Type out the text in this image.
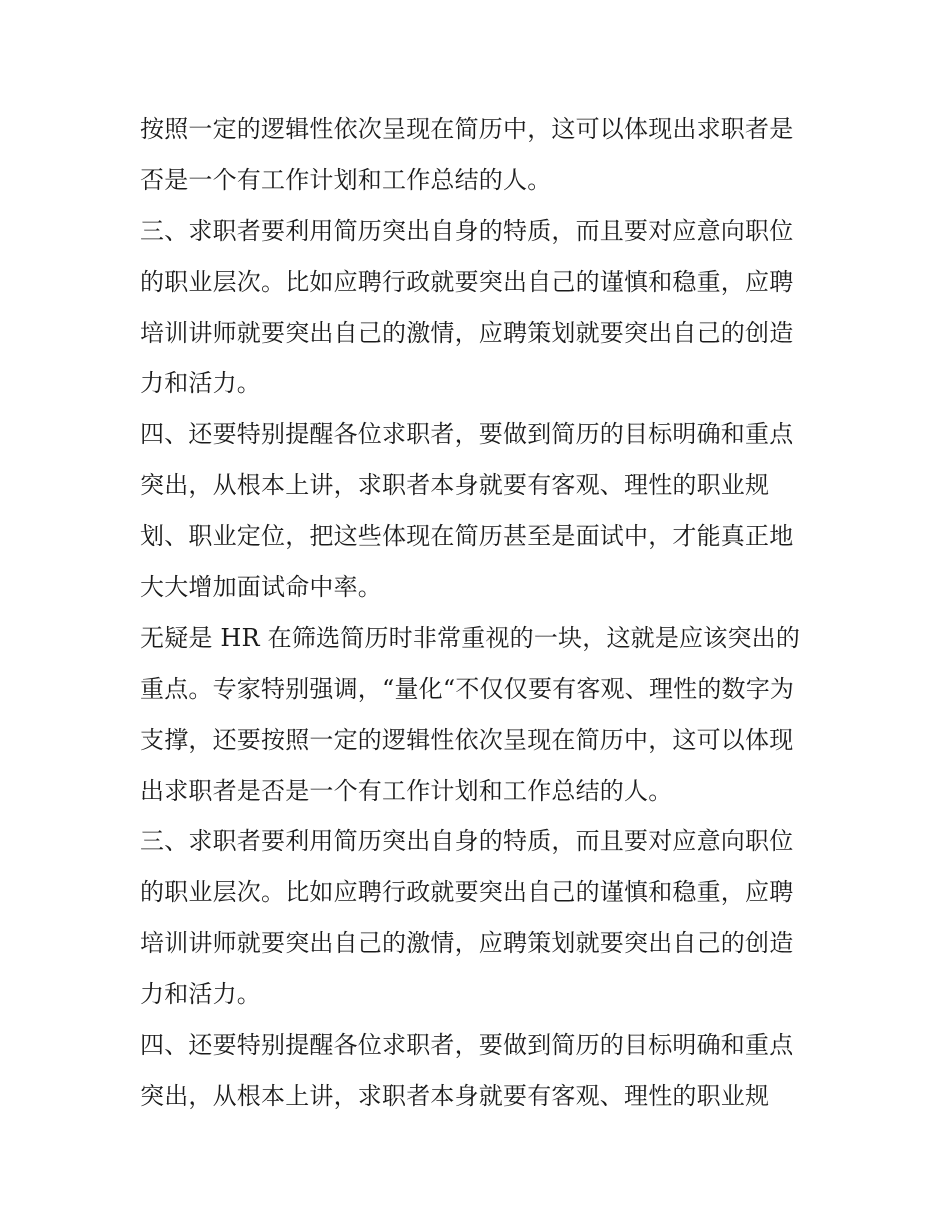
按照一定的逻辑性依次呈现在简历中，这可以体现出求职者是
否是一个有工作计划和工作总结的人。
三、求职者要利用简历突出自身的特质，而且要对应意向职位
的职业层次。比如应聘行政就要突出自己的谨慎和稳重，应聘
培训讲师就要突出自己的激情，应聘策划就要突出自己的创造
力和活力。
四、还要特别提醒各位求职者，要做到简历的目标明确和重点
突出，从根本上讲，求职者本身就要有客观、理性的职业规
划、职业定位，把这些体现在简历甚至是面试中，才能真正地
大大增加面试命中率。
无疑是 HR 在筛选简历时非常重视的一块，这就是应该突出的
重点。专家特别强调，“量化“不仅仅要有客观、理性的数字为
支撑，还要按照一定的逻辑性依次呈现在简历中，这可以体现
出求职者是否是一个有工作计划和工作总结的人。
三、求职者要利用简历突出自身的特质，而且要对应意向职位
的职业层次。比如应聘行政就要突出自己的谨慎和稳重，应聘
培训讲师就要突出自己的激情，应聘策划就要突出自己的创造
力和活力。
四、还要特别提醒各位求职者，要做到简历的目标明确和重点
突出，从根本上讲，求职者本身就要有客观、理性的职业规
